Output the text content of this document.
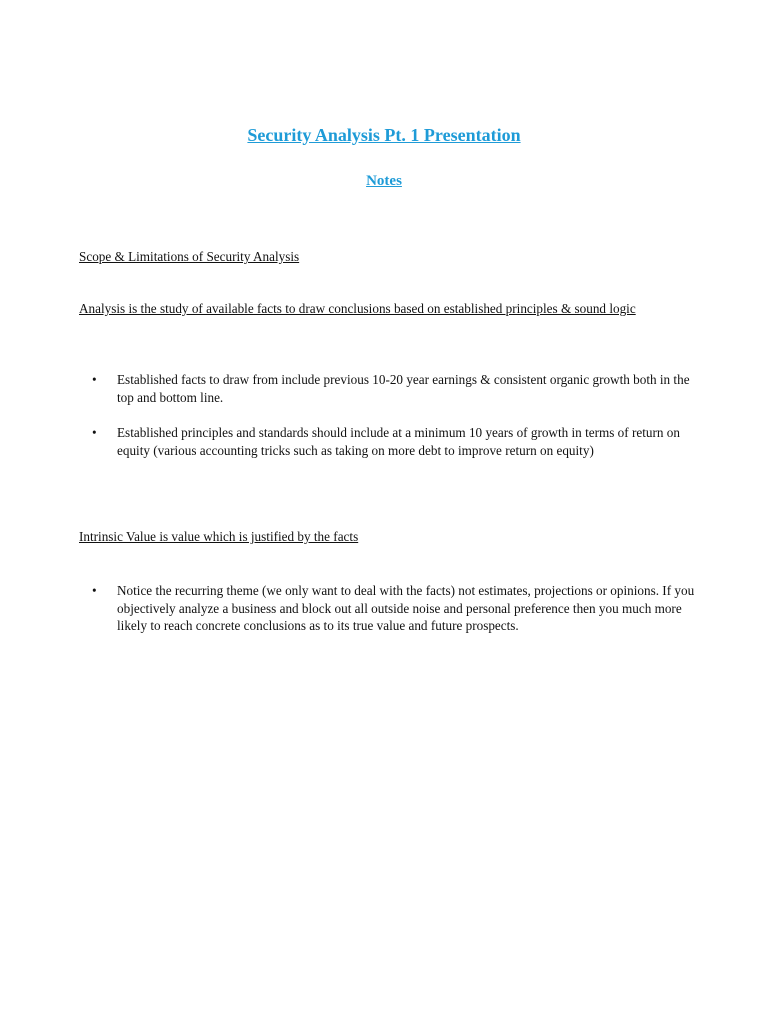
Security Analysis Pt. 1 Presentation
Notes
Scope & Limitations of Security Analysis
Analysis is the study of available facts to draw conclusions based on established principles & sound logic
• Established facts to draw from include previous 10-20 year earnings & consistent organic growth both in the top and bottom line.
• Established principles and standards should include at a minimum 10 years of growth in terms of return on equity (various accounting tricks such as taking on more debt to improve return on equity)
Intrinsic Value is value which is justified by the facts
• Notice the recurring theme (we only want to deal with the facts) not estimates, projections or opinions. If you objectively analyze a business and block out all outside noise and personal preference then you much more likely to reach concrete conclusions as to its true value and future prospects.
